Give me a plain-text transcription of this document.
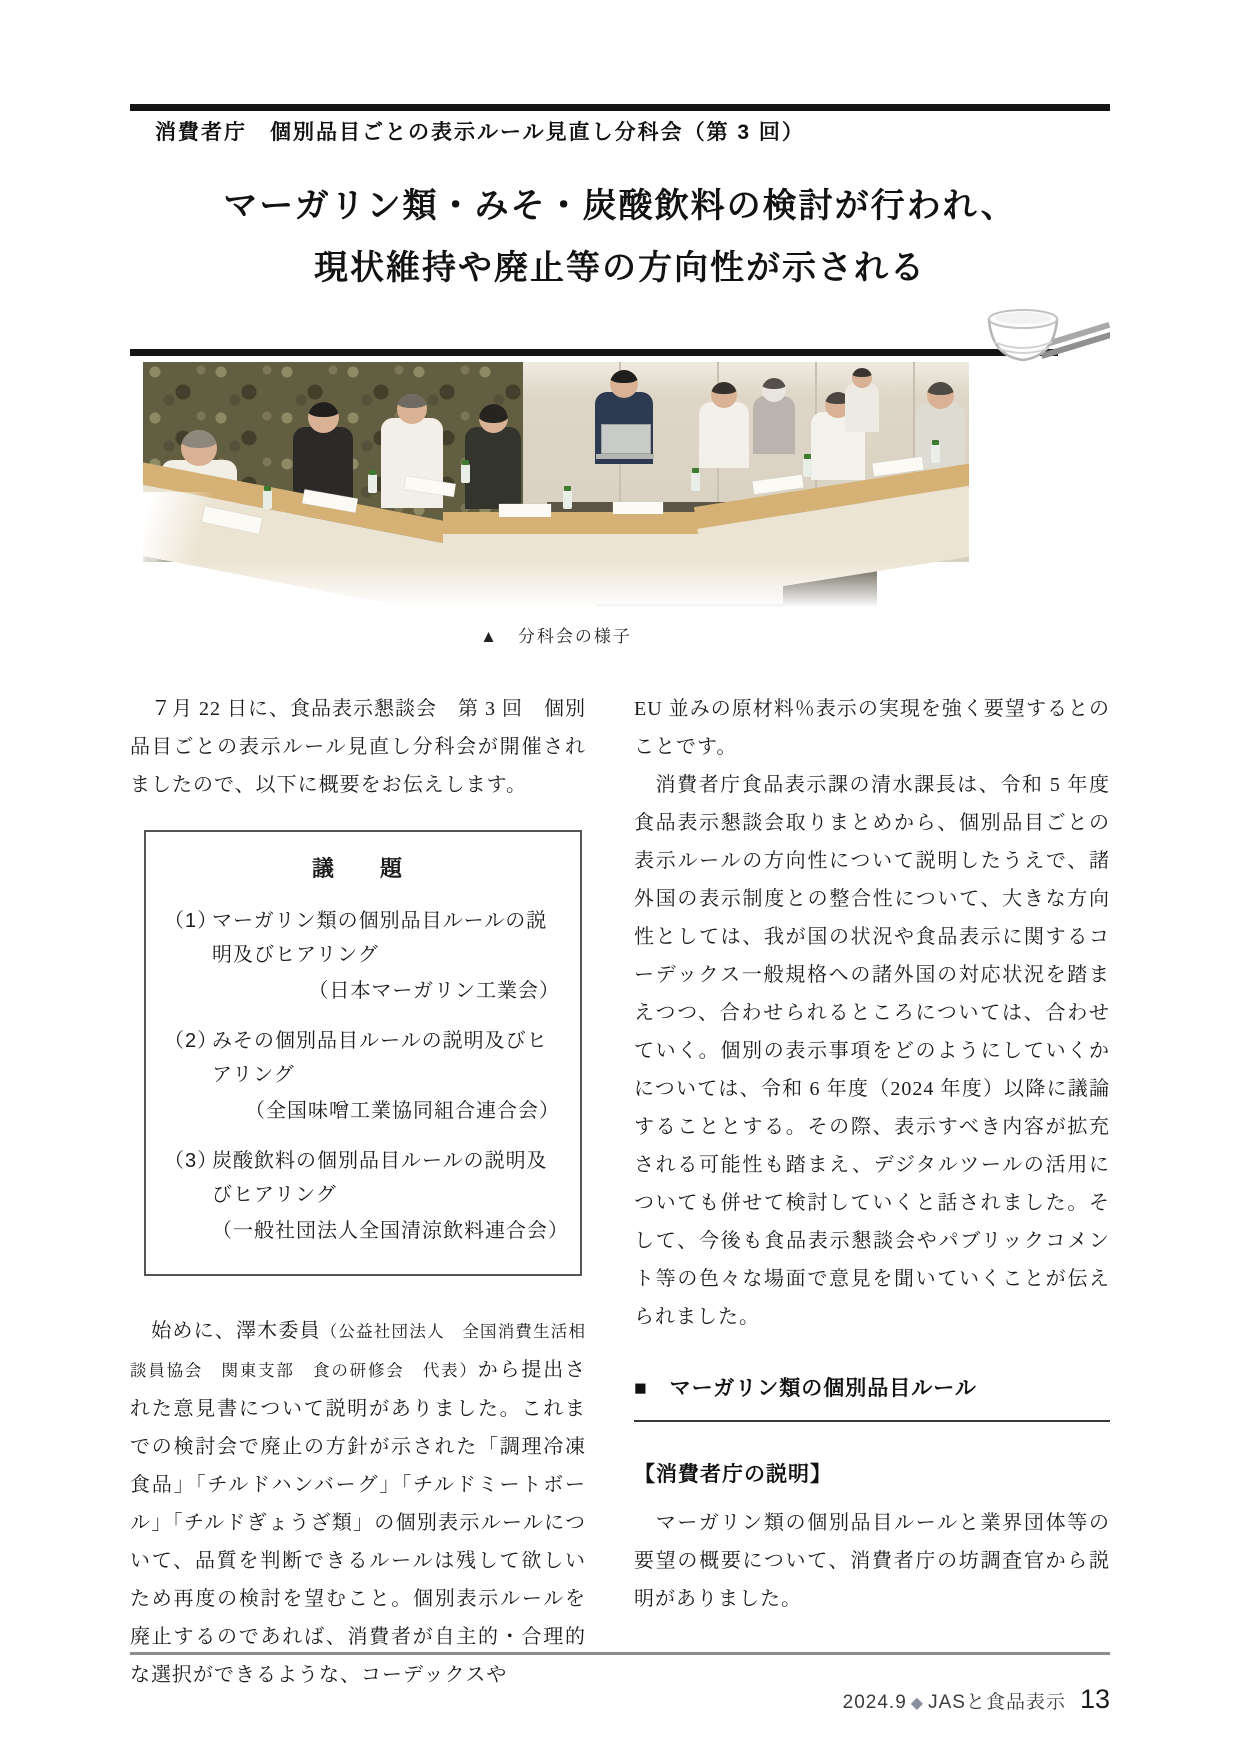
消費者庁　個別品目ごとの表示ルール見直し分科会（第 3 回）
マーガリン類・みそ・炭酸飲料の検討が行われ、
現状維持や廃止等の方向性が示される
▲　分科会の様子

　７月 22 日に、食品表示懇談会　第 3 回　個別品目ごとの表示ルール見直し分科会が開催されましたので、以下に概要をお伝えします。

議　題
（1）
マーガリン類の個別品目ルールの説明及びヒアリング
（日本マーガリン工業会）
（2）
みその個別品目ルールの説明及びヒアリング
（全国味噌工業協同組合連合会）
（3）
炭酸飲料の個別品目ルールの説明及びヒアリング
（一般社団法人全国清涼飲料連合会）

　始めに、澤木委員（公益社団法人　全国消費生活相談員協会　関東支部　食の研修会　代表）から提出された意見書について説明がありました。これまでの検討会で廃止の方針が示された「調理冷凍食品」「チルドハンバーグ」「チルドミートボール」「チルドぎょうざ類」の個別表示ルールについて、品質を判断できるルールは残して欲しいため再度の検討を望むこと。個別表示ルールを廃止するのであれば、消費者が自主的・合理的な選択ができるような、コーデックスや

EU 並みの原材料％表示の実現を強く要望するとのことです。

　消費者庁食品表示課の清水課長は、令和 5 年度食品表示懇談会取りまとめから、個別品目ごとの表示ルールの方向性について説明したうえで、諸外国の表示制度との整合性について、大きな方向性としては、我が国の状況や食品表示に関するコーデックス一般規格への諸外国の対応状況を踏まえつつ、合わせられるところについては、合わせていく。個別の表示事項をどのようにしていくかについては、令和 6 年度（2024 年度）以降に議論することとする。その際、表示すべき内容が拡充される可能性も踏まえ、デジタルツールの活用についても併せて検討していくと話されました。そして、今後も食品表示懇談会やパブリックコメント等の色々な場面で意見を聞いていくことが伝えられました。

■　マーガリン類の個別品目ルール
【消費者庁の説明】

　マーガリン類の個別品目ルールと業界団体等の要望の概要について、消費者庁の坊調査官から説明がありました。

2024.9 ◆ JASと食品表示 13
